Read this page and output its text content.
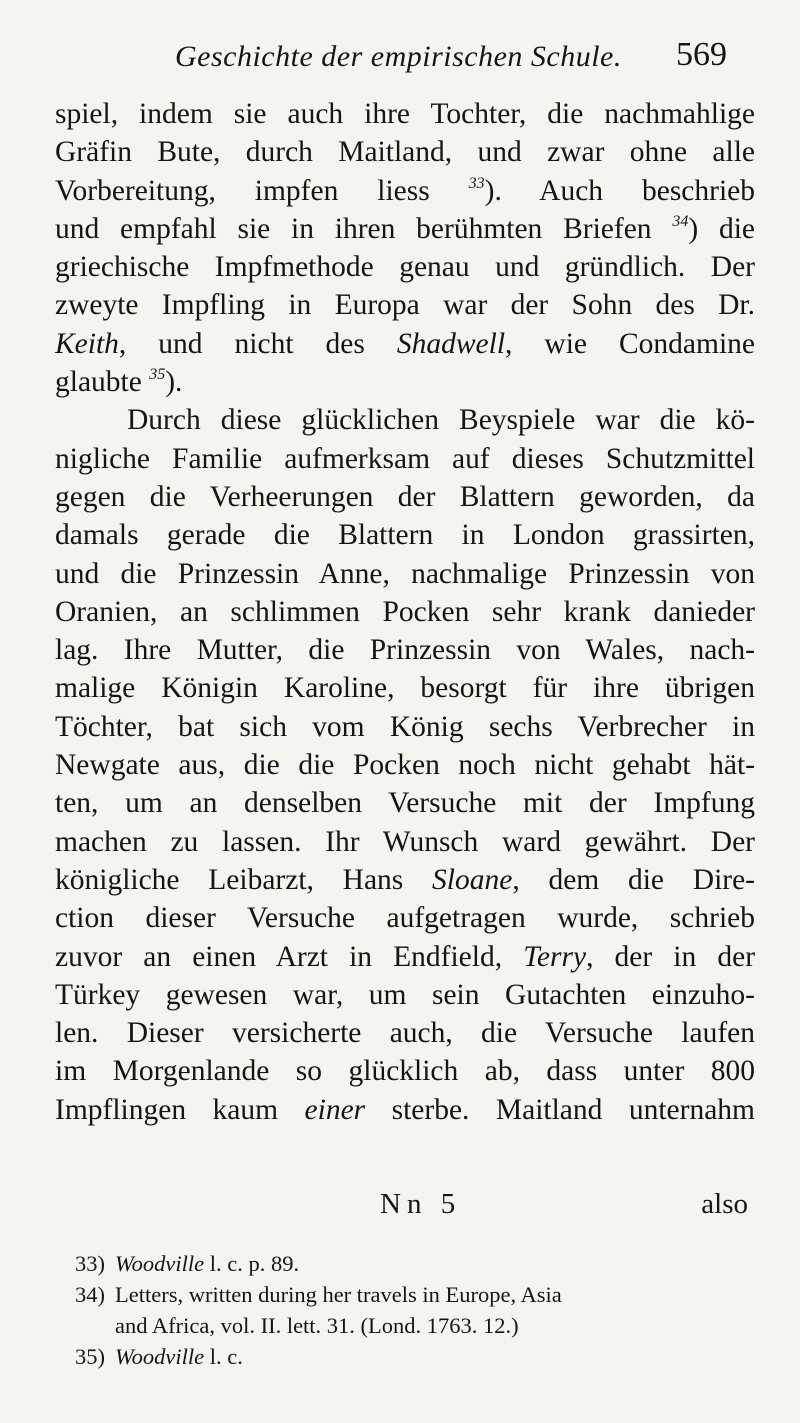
Geschichte der empirischen Schule. 569
spiel, indem sie auch ihre Tochter, die nachmahlige
Gräfin Bute, durch Maitland, und zwar ohne alle
Vorbereitung, impfen liess $^{33}$). Auch beschrieb
und empfahl sie in ihren berühmten Briefen $^{34}$) die
griechische Impfmethode genau und gründlich. Der
zweyte Impfling in Europa war der Sohn des Dr.
Keith, und nicht des Shadwell, wie Condamine
glaubte $^{35}$).
Durch diese glücklichen Beyspiele war die kö-
nigliche Familie aufmerksam auf dieses Schutzmittel
gegen die Verheerungen der Blattern geworden, da
damals gerade die Blattern in London grassirten,
und die Prinzessin Anne, nachmalige Prinzessin von
Oranien, an schlimmen Pocken sehr krank danieder
lag. Ihre Mutter, die Prinzessin von Wales, nach-
malige Königin Karoline, besorgt für ihre übrigen
Töchter, bat sich vom König sechs Verbrecher in
Newgate aus, die die Pocken noch nicht gehabt hät-
ten, um an denselben Versuche mit der Impfung
machen zu lassen. Ihr Wunsch ward gewährt. Der
königliche Leibarzt, Hans Sloane, dem die Dire-
ction dieser Versuche aufgetragen wurde, schrieb
zuvor an einen Arzt in Endfield, Terry, der in der
Türkey gewesen war, um sein Gutachten einzuho-
len. Dieser versicherte auch, die Versuche laufen
im Morgenlande so glücklich ab, dass unter 800
Impflingen kaum einer sterbe. Maitland unternahm
Nn 5	also
33) Woodville l. c. p. 89.
34) Letters, written during her travels in Europe, Asia
and Africa, vol. II. lett. 31. (Lond. 1763. 12.)
35) Woodville l. c.
